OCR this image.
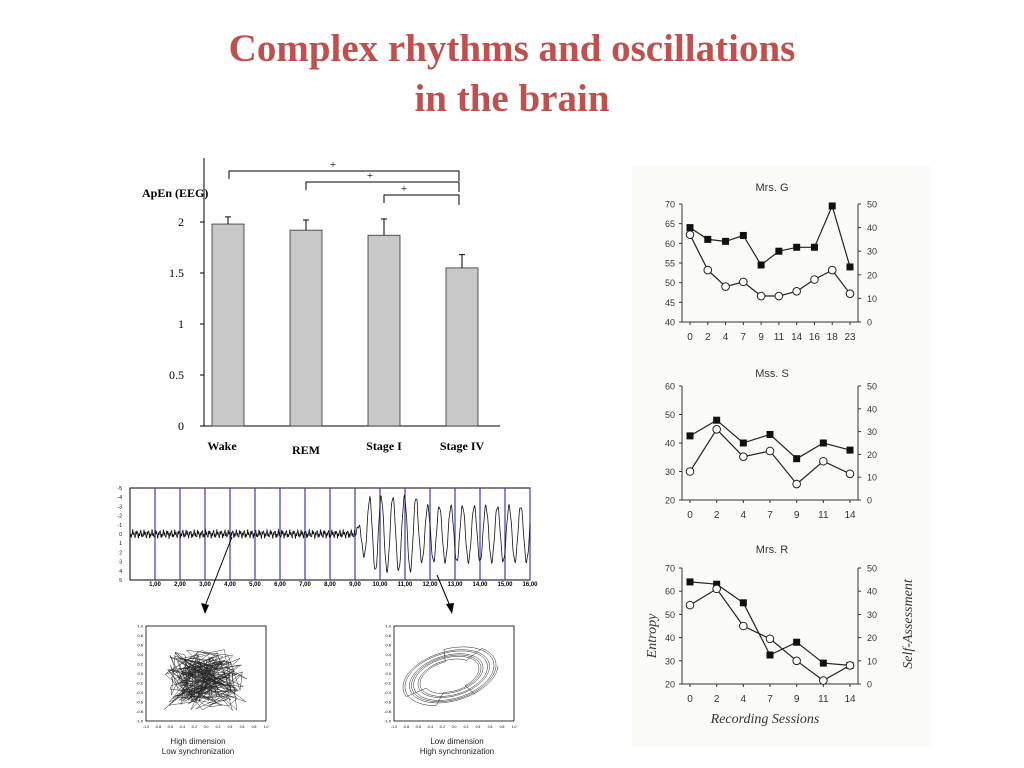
Complex rhythms and oscillations
in the brain
ApEn (EEG)
0
0.5
1
1.5
2
Wake	REM	Stage I	Stage IV
+
+
+
1,00 2,00 3,00 4,00 5,00 6,00 7,00 8,00 9,00 10,00 11,00 12,00 13,00 14,00 15,00 16,00
-5
-4
-3
-2
-1
0
1
2
3
4
5
1.0
-1.0
0.8
-0.8
0.6
-0.6
0.4
-0.4
0.2
-0.2
0.0
0.0
-0.2
0.2
-0.4
0.4
-0.6
0.6
-0.8
0.8
-1.0
1.0
1.0
-1.0
0.8
-0.8
0.6
-0.6
0.4
-0.4
0.2
-0.2
0.0
0.0
-0.2
0.2
-0.4
0.4
-0.6
0.6
-0.8
0.8
-1.0
1.0
High dimension
Low synchronization
Low dimension
High synchronization
Mrs. G
Mss. S
Mrs. R
Recording Sessions
Entropy	Self-Assessment
40
45
50
55
60
65
70
0
10
20
30
40
50
0 2 4 7 9 11 14 16 18 23
20
30
40
50
60
0
10
20
30
40
50
0 2 4 7 9 11 14
20
30
40
50
60
70
0
10
20
30
40
50
0 2 4 7 9 11 14
